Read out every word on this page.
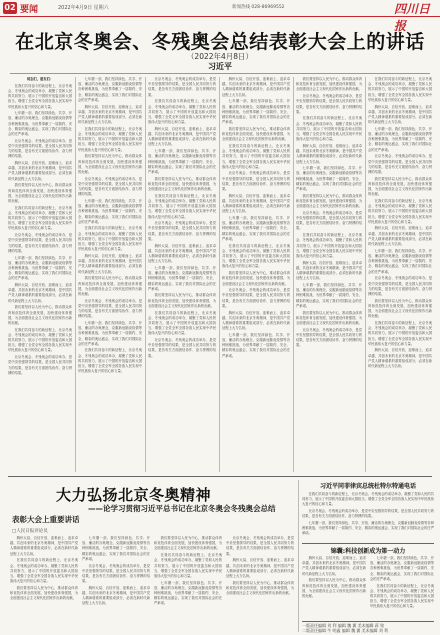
02 要闻	2022年4月9日 星期六	新闻热线 028-86969552	四川日报
在北京冬奥会、冬残奥会总结表彰大会上的讲话
（2022年4月8日）
习近平

同志们，朋友们：

在我们共同奋斗的新征程上，北京冬奥会、冬残奥会的成功举办，凝聚了党和人民的共同努力，展示了中国的开放姿态和大国担当，增强了全党全军全国各族人民实现中华民族伟大复兴的信心和力量。

七年磨一剑，我们坚持绿色、共享、开放、廉洁的办奥理念，克服新冠肺炎疫情等各种困难挑战，为世界奉献了一届简约、安全、精彩的奥运盛会，实现了我们对国际社会的庄严承诺。

北京冬奥会、冬残奥会的成功举办，是党中央坚强领导的结果，是全国人民共同努力的结果，是各有关方面团结协作、奋力拼搏的结果。

胸怀大局、自信开放、迎难而上、追求卓越、共创未来的北京冬奥精神，是中国共产党人精神谱系的重要组成部分，必须在新时代新征程上大力弘扬。

我们要坚持以人民为中心，推动群众体育和竞技体育全面发展，加快建设体育强国，为全面建设社会主义现代化国家作出新的贡献。

在我们共同奋斗的新征程上，北京冬奥会、冬残奥会的成功举办，凝聚了党和人民的共同努力，展示了中国的开放姿态和大国担当，增强了全党全军全国各族人民实现中华民族伟大复兴的信心和力量。

北京冬奥会、冬残奥会的成功举办，是党中央坚强领导的结果，是全国人民共同努力的结果，是各有关方面团结协作、奋力拼搏的结果。

七年磨一剑，我们坚持绿色、共享、开放、廉洁的办奥理念，克服新冠肺炎疫情等各种困难挑战，为世界奉献了一届简约、安全、精彩的奥运盛会，实现了我们对国际社会的庄严承诺。

胸怀大局、自信开放、迎难而上、追求卓越、共创未来的北京冬奥精神，是中国共产党人精神谱系的重要组成部分，必须在新时代新征程上大力弘扬。

我们要坚持以人民为中心，推动群众体育和竞技体育全面发展，加快建设体育强国，为全面建设社会主义现代化国家作出新的贡献。

在我们共同奋斗的新征程上，北京冬奥会、冬残奥会的成功举办，凝聚了党和人民的共同努力，展示了中国的开放姿态和大国担当，增强了全党全军全国各族人民实现中华民族伟大复兴的信心和力量。

北京冬奥会、冬残奥会的成功举办，是党中央坚强领导的结果，是全国人民共同努力的结果，是各有关方面团结协作、奋力拼搏的结果。

七年磨一剑，我们坚持绿色、共享、开放、廉洁的办奥理念，克服新冠肺炎疫情等各种困难挑战，为世界奉献了一届简约、安全、精彩的奥运盛会，实现了我们对国际社会的庄严承诺。

胸怀大局、自信开放、迎难而上、追求卓越、共创未来的北京冬奥精神，是中国共产党人精神谱系的重要组成部分，必须在新时代新征程上大力弘扬。

在我们共同奋斗的新征程上，北京冬奥会、冬残奥会的成功举办，凝聚了党和人民的共同努力，展示了中国的开放姿态和大国担当，增强了全党全军全国各族人民实现中华民族伟大复兴的信心和力量。

我们要坚持以人民为中心，推动群众体育和竞技体育全面发展，加快建设体育强国，为全面建设社会主义现代化国家作出新的贡献。

北京冬奥会、冬残奥会的成功举办，是党中央坚强领导的结果，是全国人民共同努力的结果，是各有关方面团结协作、奋力拼搏的结果。

七年磨一剑，我们坚持绿色、共享、开放、廉洁的办奥理念，克服新冠肺炎疫情等各种困难挑战，为世界奉献了一届简约、安全、精彩的奥运盛会，实现了我们对国际社会的庄严承诺。

在我们共同奋斗的新征程上，北京冬奥会、冬残奥会的成功举办，凝聚了党和人民的共同努力，展示了中国的开放姿态和大国担当，增强了全党全军全国各族人民实现中华民族伟大复兴的信心和力量。

胸怀大局、自信开放、迎难而上、追求卓越、共创未来的北京冬奥精神，是中国共产党人精神谱系的重要组成部分，必须在新时代新征程上大力弘扬。

我们要坚持以人民为中心，推动群众体育和竞技体育全面发展，加快建设体育强国，为全面建设社会主义现代化国家作出新的贡献。

北京冬奥会、冬残奥会的成功举办，是党中央坚强领导的结果，是全国人民共同努力的结果，是各有关方面团结协作、奋力拼搏的结果。

七年磨一剑，我们坚持绿色、共享、开放、廉洁的办奥理念，克服新冠肺炎疫情等各种困难挑战，为世界奉献了一届简约、安全、精彩的奥运盛会，实现了我们对国际社会的庄严承诺。

在我们共同奋斗的新征程上，北京冬奥会、冬残奥会的成功举办，凝聚了党和人民的共同努力，展示了中国的开放姿态和大国担当，增强了全党全军全国各族人民实现中华民族伟大复兴的信心和力量。

北京冬奥会、冬残奥会的成功举办，是党中央坚强领导的结果，是全国人民共同努力的结果，是各有关方面团结协作、奋力拼搏的结果。

在我们共同奋斗的新征程上，北京冬奥会、冬残奥会的成功举办，凝聚了党和人民的共同努力，展示了中国的开放姿态和大国担当，增强了全党全军全国各族人民实现中华民族伟大复兴的信心和力量。

胸怀大局、自信开放、迎难而上、追求卓越、共创未来的北京冬奥精神，是中国共产党人精神谱系的重要组成部分，必须在新时代新征程上大力弘扬。

七年磨一剑，我们坚持绿色、共享、开放、廉洁的办奥理念，克服新冠肺炎疫情等各种困难挑战，为世界奉献了一届简约、安全、精彩的奥运盛会，实现了我们对国际社会的庄严承诺。

我们要坚持以人民为中心，推动群众体育和竞技体育全面发展，加快建设体育强国，为全面建设社会主义现代化国家作出新的贡献。

在我们共同奋斗的新征程上，北京冬奥会、冬残奥会的成功举办，凝聚了党和人民的共同努力，展示了中国的开放姿态和大国担当，增强了全党全军全国各族人民实现中华民族伟大复兴的信心和力量。

北京冬奥会、冬残奥会的成功举办，是党中央坚强领导的结果，是全国人民共同努力的结果，是各有关方面团结协作、奋力拼搏的结果。

胸怀大局、自信开放、迎难而上、追求卓越、共创未来的北京冬奥精神，是中国共产党人精神谱系的重要组成部分，必须在新时代新征程上大力弘扬。

七年磨一剑，我们坚持绿色、共享、开放、廉洁的办奥理念，克服新冠肺炎疫情等各种困难挑战，为世界奉献了一届简约、安全、精彩的奥运盛会，实现了我们对国际社会的庄严承诺。

我们要坚持以人民为中心，推动群众体育和竞技体育全面发展，加快建设体育强国，为全面建设社会主义现代化国家作出新的贡献。

在我们共同奋斗的新征程上，北京冬奥会、冬残奥会的成功举办，凝聚了党和人民的共同努力，展示了中国的开放姿态和大国担当，增强了全党全军全国各族人民实现中华民族伟大复兴的信心和力量。

北京冬奥会、冬残奥会的成功举办，是党中央坚强领导的结果，是全国人民共同努力的结果，是各有关方面团结协作、奋力拼搏的结果。

胸怀大局、自信开放、迎难而上、追求卓越、共创未来的北京冬奥精神，是中国共产党人精神谱系的重要组成部分，必须在新时代新征程上大力弘扬。

七年磨一剑，我们坚持绿色、共享、开放、廉洁的办奥理念，克服新冠肺炎疫情等各种困难挑战，为世界奉献了一届简约、安全、精彩的奥运盛会，实现了我们对国际社会的庄严承诺。

我们要坚持以人民为中心，推动群众体育和竞技体育全面发展，加快建设体育强国，为全面建设社会主义现代化国家作出新的贡献。

在我们共同奋斗的新征程上，北京冬奥会、冬残奥会的成功举办，凝聚了党和人民的共同努力，展示了中国的开放姿态和大国担当，增强了全党全军全国各族人民实现中华民族伟大复兴的信心和力量。

北京冬奥会、冬残奥会的成功举办，是党中央坚强领导的结果，是全国人民共同努力的结果，是各有关方面团结协作、奋力拼搏的结果。

胸怀大局、自信开放、迎难而上、追求卓越、共创未来的北京冬奥精神，是中国共产党人精神谱系的重要组成部分，必须在新时代新征程上大力弘扬。

七年磨一剑，我们坚持绿色、共享、开放、廉洁的办奥理念，克服新冠肺炎疫情等各种困难挑战，为世界奉献了一届简约、安全、精彩的奥运盛会，实现了我们对国际社会的庄严承诺。

在我们共同奋斗的新征程上，北京冬奥会、冬残奥会的成功举办，凝聚了党和人民的共同努力，展示了中国的开放姿态和大国担当，增强了全党全军全国各族人民实现中华民族伟大复兴的信心和力量。

我们要坚持以人民为中心，推动群众体育和竞技体育全面发展，加快建设体育强国，为全面建设社会主义现代化国家作出新的贡献。

北京冬奥会、冬残奥会的成功举办，是党中央坚强领导的结果，是全国人民共同努力的结果，是各有关方面团结协作、奋力拼搏的结果。

胸怀大局、自信开放、迎难而上、追求卓越、共创未来的北京冬奥精神，是中国共产党人精神谱系的重要组成部分，必须在新时代新征程上大力弘扬。

七年磨一剑，我们坚持绿色、共享、开放、廉洁的办奥理念，克服新冠肺炎疫情等各种困难挑战，为世界奉献了一届简约、安全、精彩的奥运盛会，实现了我们对国际社会的庄严承诺。

我们要坚持以人民为中心，推动群众体育和竞技体育全面发展，加快建设体育强国，为全面建设社会主义现代化国家作出新的贡献。

北京冬奥会、冬残奥会的成功举办，是党中央坚强领导的结果，是全国人民共同努力的结果，是各有关方面团结协作、奋力拼搏的结果。

在我们共同奋斗的新征程上，北京冬奥会、冬残奥会的成功举办，凝聚了党和人民的共同努力，展示了中国的开放姿态和大国担当，增强了全党全军全国各族人民实现中华民族伟大复兴的信心和力量。

胸怀大局、自信开放、迎难而上、追求卓越、共创未来的北京冬奥精神，是中国共产党人精神谱系的重要组成部分，必须在新时代新征程上大力弘扬。

七年磨一剑，我们坚持绿色、共享、开放、廉洁的办奥理念，克服新冠肺炎疫情等各种困难挑战，为世界奉献了一届简约、安全、精彩的奥运盛会，实现了我们对国际社会的庄严承诺。

我们要坚持以人民为中心，推动群众体育和竞技体育全面发展，加快建设体育强国，为全面建设社会主义现代化国家作出新的贡献。

北京冬奥会、冬残奥会的成功举办，是党中央坚强领导的结果，是全国人民共同努力的结果，是各有关方面团结协作、奋力拼搏的结果。

在我们共同奋斗的新征程上，北京冬奥会、冬残奥会的成功举办，凝聚了党和人民的共同努力，展示了中国的开放姿态和大国担当，增强了全党全军全国各族人民实现中华民族伟大复兴的信心和力量。

胸怀大局、自信开放、迎难而上、追求卓越、共创未来的北京冬奥精神，是中国共产党人精神谱系的重要组成部分，必须在新时代新征程上大力弘扬。

七年磨一剑，我们坚持绿色、共享、开放、廉洁的办奥理念，克服新冠肺炎疫情等各种困难挑战，为世界奉献了一届简约、安全、精彩的奥运盛会，实现了我们对国际社会的庄严承诺。

我们要坚持以人民为中心，推动群众体育和竞技体育全面发展，加快建设体育强国，为全面建设社会主义现代化国家作出新的贡献。

北京冬奥会、冬残奥会的成功举办，是党中央坚强领导的结果，是全国人民共同努力的结果，是各有关方面团结协作、奋力拼搏的结果。

在我们共同奋斗的新征程上，北京冬奥会、冬残奥会的成功举办，凝聚了党和人民的共同努力，展示了中国的开放姿态和大国担当，增强了全党全军全国各族人民实现中华民族伟大复兴的信心和力量。

胸怀大局、自信开放、迎难而上、追求卓越、共创未来的北京冬奥精神，是中国共产党人精神谱系的重要组成部分，必须在新时代新征程上大力弘扬。

七年磨一剑，我们坚持绿色、共享、开放、廉洁的办奥理念，克服新冠肺炎疫情等各种困难挑战，为世界奉献了一届简约、安全、精彩的奥运盛会，实现了我们对国际社会的庄严承诺。

北京冬奥会、冬残奥会的成功举办，是党中央坚强领导的结果，是全国人民共同努力的结果，是各有关方面团结协作、奋力拼搏的结果。

我们要坚持以人民为中心，推动群众体育和竞技体育全面发展，加快建设体育强国，为全面建设社会主义现代化国家作出新的贡献。

在我们共同奋斗的新征程上，北京冬奥会、冬残奥会的成功举办，凝聚了党和人民的共同努力，展示了中国的开放姿态和大国担当，增强了全党全军全国各族人民实现中华民族伟大复兴的信心和力量。

胸怀大局、自信开放、迎难而上、追求卓越、共创未来的北京冬奥精神，是中国共产党人精神谱系的重要组成部分，必须在新时代新征程上大力弘扬。

七年磨一剑，我们坚持绿色、共享、开放、廉洁的办奥理念，克服新冠肺炎疫情等各种困难挑战，为世界奉献了一届简约、安全、精彩的奥运盛会，实现了我们对国际社会的庄严承诺。

北京冬奥会、冬残奥会的成功举办，是党中央坚强领导的结果，是全国人民共同努力的结果，是各有关方面团结协作、奋力拼搏的结果。

我们要坚持以人民为中心，推动群众体育和竞技体育全面发展，加快建设体育强国，为全面建设社会主义现代化国家作出新的贡献。

在我们共同奋斗的新征程上，北京冬奥会、冬残奥会的成功举办，凝聚了党和人民的共同努力，展示了中国的开放姿态和大国担当，增强了全党全军全国各族人民实现中华民族伟大复兴的信心和力量。

胸怀大局、自信开放、迎难而上、追求卓越、共创未来的北京冬奥精神，是中国共产党人精神谱系的重要组成部分，必须在新时代新征程上大力弘扬。

大力弘扬北京冬奥精神
——论学习贯彻习近平总书记在北京冬奥会冬残奥会总结
表彰大会上重要讲话
□人民日报评论员

胸怀大局、自信开放、迎难而上、追求卓越、共创未来的北京冬奥精神，是中国共产党人精神谱系的重要组成部分，必须在新时代新征程上大力弘扬。

在我们共同奋斗的新征程上，北京冬奥会、冬残奥会的成功举办，凝聚了党和人民的共同努力，展示了中国的开放姿态和大国担当，增强了全党全军全国各族人民实现中华民族伟大复兴的信心和力量。

我们要坚持以人民为中心，推动群众体育和竞技体育全面发展，加快建设体育强国，为全面建设社会主义现代化国家作出新的贡献。

七年磨一剑，我们坚持绿色、共享、开放、廉洁的办奥理念，克服新冠肺炎疫情等各种困难挑战，为世界奉献了一届简约、安全、精彩的奥运盛会，实现了我们对国际社会的庄严承诺。

北京冬奥会、冬残奥会的成功举办，是党中央坚强领导的结果，是全国人民共同努力的结果，是各有关方面团结协作、奋力拼搏的结果。

胸怀大局、自信开放、迎难而上、追求卓越、共创未来的北京冬奥精神，是中国共产党人精神谱系的重要组成部分，必须在新时代新征程上大力弘扬。

我们要坚持以人民为中心，推动群众体育和竞技体育全面发展，加快建设体育强国，为全面建设社会主义现代化国家作出新的贡献。

在我们共同奋斗的新征程上，北京冬奥会、冬残奥会的成功举办，凝聚了党和人民的共同努力，展示了中国的开放姿态和大国担当，增强了全党全军全国各族人民实现中华民族伟大复兴的信心和力量。

七年磨一剑，我们坚持绿色、共享、开放、廉洁的办奥理念，克服新冠肺炎疫情等各种困难挑战，为世界奉献了一届简约、安全、精彩的奥运盛会，实现了我们对国际社会的庄严承诺。

北京冬奥会、冬残奥会的成功举办，是党中央坚强领导的结果，是全国人民共同努力的结果，是各有关方面团结协作、奋力拼搏的结果。

胸怀大局、自信开放、迎难而上、追求卓越、共创未来的北京冬奥精神，是中国共产党人精神谱系的重要组成部分，必须在新时代新征程上大力弘扬。

我们要坚持以人民为中心，推动群众体育和竞技体育全面发展，加快建设体育强国，为全面建设社会主义现代化国家作出新的贡献。

习近平同菲律宾总统杜特尔特通电话

在我们共同奋斗的新征程上，北京冬奥会、冬残奥会的成功举办，凝聚了党和人民的共同努力，展示了中国的开放姿态和大国担当，增强了全党全军全国各族人民实现中华民族伟大复兴的信心和力量。

北京冬奥会、冬残奥会的成功举办，是党中央坚强领导的结果，是全国人民共同努力的结果，是各有关方面团结协作、奋力拼搏的结果。

七年磨一剑，我们坚持绿色、共享、开放、廉洁的办奥理念，克服新冠肺炎疫情等各种困难挑战，为世界奉献了一届简约、安全、精彩的奥运盛会，实现了我们对国际社会的庄严承诺。

锦囊:科技创新成为第一动力

胸怀大局、自信开放、迎难而上、追求卓越、共创未来的北京冬奥精神，是中国共产党人精神谱系的重要组成部分，必须在新时代新征程上大力弘扬。

我们要坚持以人民为中心，推动群众体育和竞技体育全面发展，加快建设体育强国，为全面建设社会主义现代化国家作出新的贡献。

七年磨一剑，我们坚持绿色、共享、开放、廉洁的办奥理念，克服新冠肺炎疫情等各种困难挑战，为世界奉献了一届简约、安全、精彩的奥运盛会，实现了我们对国际社会的庄严承诺。

在我们共同奋斗的新征程上，北京冬奥会、冬残奥会的成功举办，凝聚了党和人民的共同努力，展示了中国的开放姿态和大国担当，增强了全党全军全国各族人民实现中华民族伟大复兴的信心和力量。

一版责任编辑 刘 利 编辑 魏 翼 美术编辑 蒋 铭
二版责任编辑 牛 明鑫 编辑 魏 翼 美术编辑 刘 利
